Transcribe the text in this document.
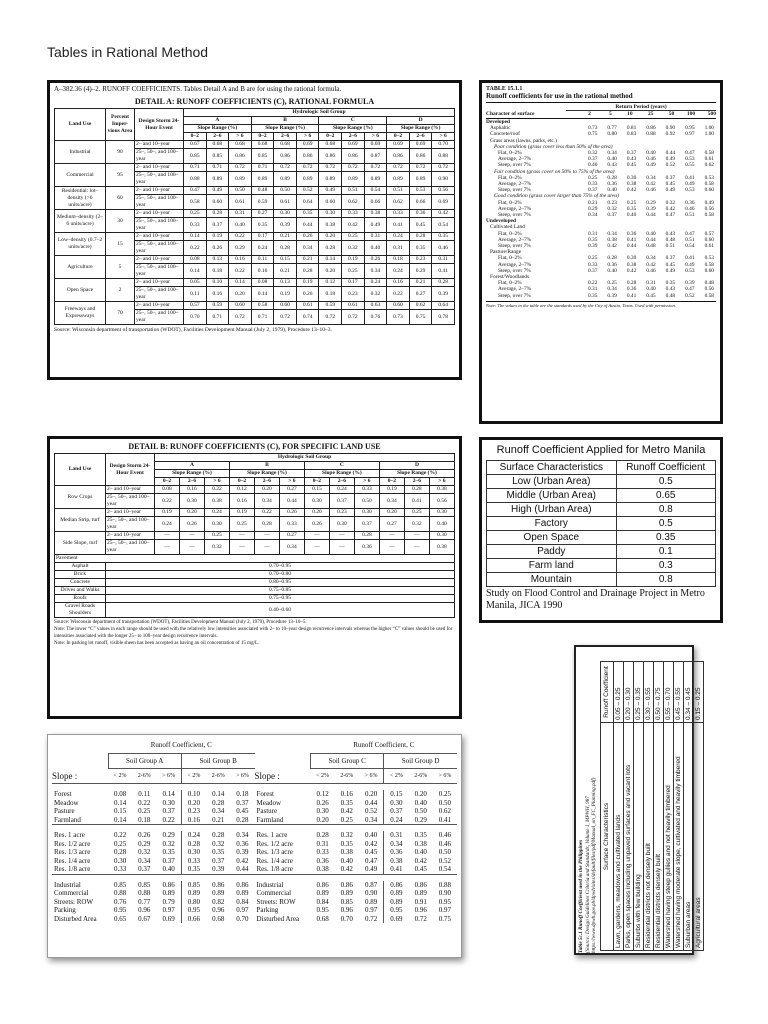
Tables in Rational Method
A–382.36 (4)–2. RUNOFF COEFFICIENTS. Tables Detail A and B are for using the rational formula.
DETAIL A: RUNOFF COEFFICIENTS (C), RATIONAL FORMULA
Land Use	Percent Imper-vious Area	Design Storm 24-Hour Event	Hydrologic Soil Group											
			A			B			C			D		
			Slope Range (%)			Slope Range (%)			Slope Range (%)			Slope Range (%)		
			0–2	2–6	> 6	0–2	2–6	> 6	0–2	2–6	> 6	0–2	2–6	> 6
Industrial	90	2– and 10–year	0.67	0.68	0.68	0.68	0.68	0.69	0.68	0.69	0.69	0.69	0.69	0.70
		25–, 50–, and 100–year	0.85	0.85	0.86	0.85	0.86	0.86	0.86	0.86	0.87	0.86	0.86	0.88
Commercial	95	2– and 10–year	0.71	0.71	0.72	0.71	0.72	0.72	0.72	0.72	0.72	0.72	0.72	0.72
		25–, 50–, and 100–year	0.88	0.89	0.89	0.89	0.89	0.89	0.89	0.89	0.89	0.89	0.89	0.90
Residential: lot–density (>6 units/acre)	60	2– and 10–year	0.47	0.49	0.50	0.48	0.50	0.52	0.49	0.51	0.54	0.51	0.53	0.56
		25–, 50–, and 100–year	0.58	0.60	0.61	0.59	0.61	0.64	0.60	0.62	0.66	0.62	0.66	0.69
Medium–density (2–6 units/acre)	30	2– and 10–year	0.25	0.28	0.31	0.27	0.30	0.35	0.30	0.33	0.38	0.33	0.36	0.42
		25–, 50–, and 100–year	0.33	0.37	0.40	0.35	0.39	0.44	0.38	0.42	0.49	0.41	0.45	0.54
Low–density (0.7–2 units/acre)	15	2– and 10–year	0.14	0.19	0.22	0.17	0.21	0.26	0.20	0.25	0.31	0.24	0.28	0.35
		25–, 50–, and 100–year	0.22	0.26	0.29	0.24	0.28	0.34	0.28	0.32	0.40	0.31	0.35	0.46
Agriculture	5	2– and 10–year	0.08	0.13	0.16	0.11	0.15	0.21	0.14	0.19	0.26	0.18	0.23	0.31
		25–, 50–, and 100–year	0.14	0.18	0.22	0.16	0.21	0.28	0.20	0.25	0.34	0.24	0.29	0.41
Open Space	2	2– and 10–year	0.05	0.10	0.14	0.08	0.13	0.19	0.12	0.17	0.24	0.16	0.21	0.28
		25–, 50–, and 100–year	0.11	0.16	0.20	0.14	0.19	0.26	0.18	0.23	0.32	0.22	0.27	0.39
Freeways and Expressways	70	2– and 10–year	0.57	0.59	0.60	0.58	0.60	0.61	0.59	0.61	0.63	0.60	0.62	0.64
		25–, 50–, and 100–year	0.70	0.71	0.72	0.71	0.72	0.74	0.72	0.72	0.76	0.73	0.75	0.78
Source: Wisconsin department of transportation (WDOT), Facilities Development Manual (July 2, 1979), Procedure 13–10–3.
TABLE 15.1.1
Runoff coefficients for use in the rational method
Return Period (years)
Character of surface	2	5	10	25	50	100	500
Developed							
Asphaltic	0.73	0.77	0.81	0.86	0.90	0.95	1.00
Concrete/roof	0.75	0.80	0.83	0.88	0.92	0.97	1.00
Grass areas (lawns, parks, etc.)							
Poor condition (grass cover less than 50% of the area)							
Flat, 0–2%	0.32	0.34	0.37	0.40	0.44	0.47	0.58
Average, 2–7%	0.37	0.40	0.43	0.46	0.49	0.53	0.61
Steep, over 7%	0.40	0.43	0.45	0.49	0.52	0.55	0.62
Fair condition (grass cover on 50% to 75% of the area)							
Flat, 0–2%	0.25	0.28	0.30	0.34	0.37	0.41	0.53
Average, 2–7%	0.33	0.36	0.38	0.42	0.45	0.49	0.58
Steep, over 7%	0.37	0.40	0.42	0.46	0.49	0.53	0.60
Good condition (grass cover larger than 75% of the area)							
Flat, 0–2%	0.21	0.23	0.25	0.29	0.32	0.36	0.49
Average, 2–7%	0.29	0.32	0.35	0.39	0.42	0.46	0.56
Steep, over 7%	0.34	0.37	0.40	0.44	0.47	0.51	0.58
Undeveloped							
Cultivated Land							
Flat, 0–2%	0.31	0.34	0.36	0.40	0.43	0.47	0.57
Average, 2–7%	0.35	0.38	0.41	0.44	0.48	0.51	0.60
Steep, over 7%	0.39	0.42	0.44	0.48	0.51	0.54	0.61
Pasture/Range							
Flat, 0–2%	0.25	0.28	0.30	0.34	0.37	0.41	0.53
Average, 2–7%	0.33	0.36	0.38	0.42	0.45	0.49	0.58
Steep, over 7%	0.37	0.40	0.42	0.46	0.49	0.53	0.60
Forest/Woodlands							
Flat, 0–2%	0.22	0.25	0.28	0.31	0.35	0.39	0.48
Average, 2–7%	0.31	0.34	0.36	0.40	0.43	0.47	0.56
Steep, over 7%	0.35	0.39	0.41	0.45	0.48	0.52	0.58
Note: The values in the table are the standards used by the City of Austin, Texas. Used with permission.
DETAIL B: RUNOFF COEFFICIENTS (C), FOR SPECIFIC LAND USE
Land Use	Design Storm 24-Hour Event	Hydrologic Soil Group											
		A			B			C			D		
		Slope Range (%)			Slope Range (%)			Slope Range (%)			Slope Range (%)		
		0–2	2–6	> 6	0–2	2–6	> 6	0–2	2–6	> 6	0–2	2–6	> 6
Row Crops	2– and 10–year	0.08	0.16	0.22	0.12	0.20	0.27	0.15	0.24	0.33	0.19	0.28	0.38
	25–, 50–, and 100–year	0.22	0.30	0.38	0.16	0.34	0.44	0.30	0.37	0.50	0.34	0.41	0.56
Median Strip, turf	2– and 10–year	0.19	0.20	0.24	0.19	0.22	0.26	0.20	0.23	0.30	0.20	0.25	0.30
	25–, 50–, and 100–year	0.24	0.26	0.30	0.25	0.28	0.33	0.26	0.30	0.37	0.27	0.32	0.40
Side Slope, turf	2– and 10–year	—	—	0.25	—	—	0.27	—	—	0.28	—	—	0.30
	25–, 50–, and 100–year	—	—	0.32	—	—	0.34	—	—	0.36	—	—	0.38
Pavement													
Asphalt	0.70–0.95												
Brick	0.70–0.80												
Concrete	0.80–0.95												
Drives and Walks	0.75–0.85												
Roofs	0.75–0.95												
Gravel Roads Shoulders	0.40–0.60												
Source: Wisconsin department of transportation (WDOT), Facilities Development Manual (July 2, 1979), Procedure 13–10–5.
Note: The lower “C” values in each range should be used with the relatively low intensities associated with 2– to 10–year design recurrence intervals whereas the higher “C” values should be used for intensities associated with the longer 25– to 100–year design recurrence intervals.
Note: In parking lot runoff, visible sheen has been accepted as having an oil concentration of 15 mg/L.
Runoff Coefficient Applied for Metro Manila
Surface Characteristics	Runoff Coefficient
Low (Urban Area)	0.5
Middle (Urban Area)	0.65
High (Urban Area)	0.8
Factory	0.5
Open Space	0.35
Paddy	0.1
Farm land	0.3
Mountain	0.8
Study on Flood Control and Drainage Project in Metro Manila, JICA 1990
Table 5c.1 Runoff Coefficient used in the Philippines (Source: Design Guidelines Criteria and Standards, Volume 1, MPWH, 987 https://www.dpwh.gov.ph/dpwh/sites/default/files/pdf/Manual_on_FC_Planning.pdf) Surface Characteristics	Runoff Coefficient
Lawn, gardens, meadows and cultivated lands	0.05 – 0.25
Parks, open spaces including unpaved surfaces and vacant lots	0.20 – 0.30
Suburbs with few building	0.25 – 0.35
Residential districts not densely built	0.30 – 0.55
Residential districts densely built	0.50 – 0.75
Watershed having steep gullies and not heavily timbered	0.55 – 0.70
Watershed having moderate slope, cultivated and heavily timbered	0.45 – 0.55
Suburban areas	0.34 – 0.45
Agricultural areas	0.15 – 0.25
	Runoff Coefficient, C					
	Soil Group A			Soil Group B		
Slope :	< 2%	2-6%	> 6%	< 2%	2-6%	> 6%

Forest	0.08	0.11	0.14	0.10	0.14	0.18
Meadow	0.14	0.22	0.30	0.20	0.28	0.37
Pasture	0.15	0.25	0.37	0.23	0.34	0.45
Farmland	0.14	0.18	0.22	0.16	0.21	0.28

Res. 1 acre	0.22	0.26	0.29	0.24	0.28	0.34
Res. 1/2 acre	0.25	0.29	0.32	0.28	0.32	0.36
Res. 1/3 acre	0.28	0.32	0.35	0.30	0.35	0.39
Res. 1/4 acre	0.30	0.34	0.37	0.33	0.37	0.42
Res. 1/8 acre	0.33	0.37	0.40	0.35	0.39	0.44

Industrial	0.85	0.85	0.86	0.85	0.86	0.86
Commercial	0.88	0.88	0.89	0.89	0.89	0.89
Streets: ROW	0.76	0.77	0.79	0.80	0.82	0.84
Parking	0.95	0.96	0.97	0.95	0.96	0.97
Disturbed Area	0.65	0.67	0.69	0.66	0.68	0.70
	Runoff Coefficient, C					
	Soil Group C			Soil Group D		
Slope :	< 2%	2-6%	> 6%	< 2%	2-6%	> 6%

Forest	0.12	0.16	0.20	0.15	0.20	0.25
Meadow	0.26	0.35	0.44	0.30	0.40	0.50
Pasture	0.30	0.42	0.52	0.37	0.50	0.62
Farmland	0.20	0.25	0.34	0.24	0.29	0.41

Res. 1 acre	0.28	0.32	0.40	0.31	0.35	0.46
Res. 1/2 acre	0.31	0.35	0.42	0.34	0.38	0.46
Res. 1/3 acre	0.33	0.38	0.45	0.36	0.40	0.50
Res. 1/4 acre	0.36	0.40	0.47	0.38	0.42	0.52
Res. 1/8 acre	0.38	0.42	0.49	0.41	0.45	0.54

Industrial	0.86	0.86	0.87	0.86	0.86	0.88
Commercial	0.89	0.89	0.90	0.89	0.89	0.90
Streets: ROW	0.84	0.85	0.89	0.89	0.91	0.95
Parking	0.95	0.96	0.97	0.95	0.96	0.97
Disturbed Area	0.68	0.70	0.72	0.69	0.72	0.75
